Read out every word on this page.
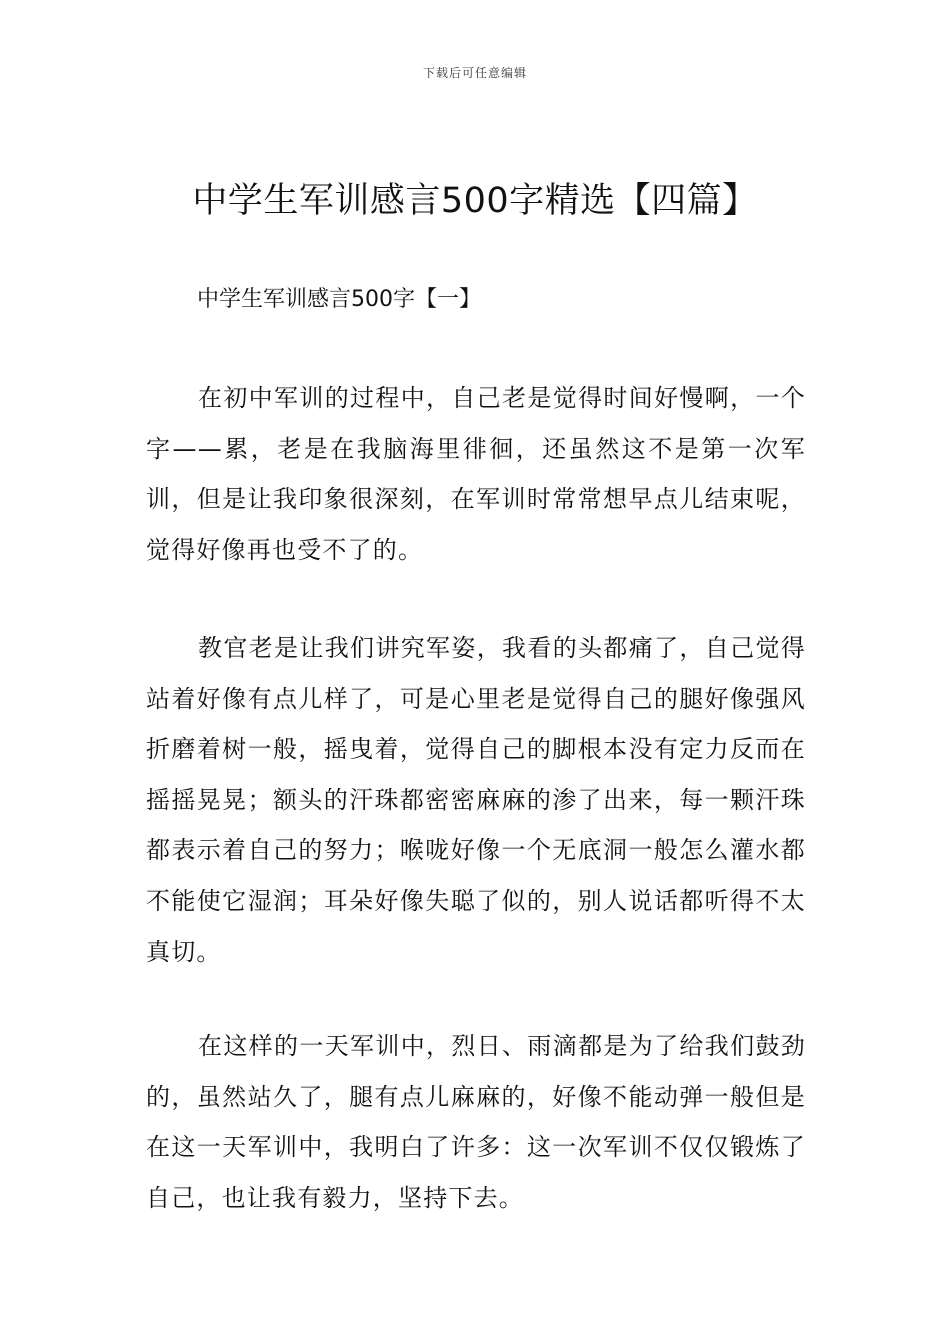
下载后可任意编辑
中学生军训感言500字精选【四篇】
中学生军训感言500字【一】

在初中军训的过程中，自己老是觉得时间好慢啊，一个字——累，老是在我脑海里徘徊，还虽然这不是第一次军训，但是让我印象很深刻，在军训时常常想早点儿结束呢，觉得好像再也受不了的。

教官老是让我们讲究军姿，我看的头都痛了，自己觉得站着好像有点儿样了，可是心里老是觉得自己的腿好像强风折磨着树一般，摇曳着，觉得自己的脚根本没有定力反而在摇摇晃晃；额头的汗珠都密密麻麻的渗了出来，每一颗汗珠都表示着自己的努力；喉咙好像一个无底洞一般怎么灌水都不能使它湿润；耳朵好像失聪了似的，别人说话都听得不太真切。

在这样的一天军训中，烈日、雨滴都是为了给我们鼓劲的，虽然站久了，腿有点儿麻麻的，好像不能动弹一般但是在这一天军训中，我明白了许多：这一次军训不仅仅锻炼了自己，也让我有毅力，坚持下去。
